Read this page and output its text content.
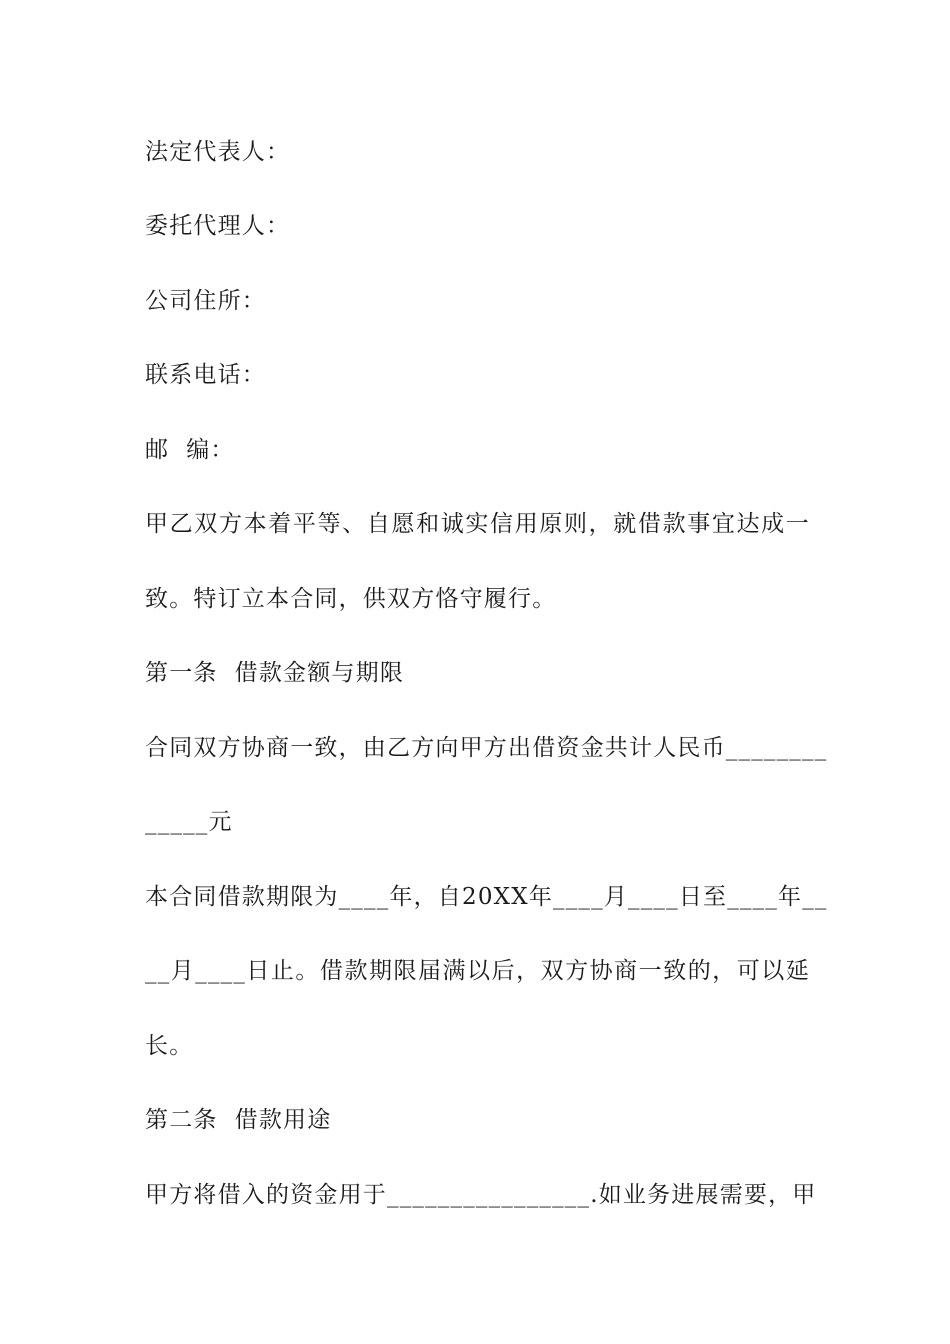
法定代表人：
委托代理人：
公司住所：
联系电话：
邮  编：
甲乙双方本着平等、自愿和诚实信用原则，就借款事宜达成一
致。特订立本合同，供双方恪守履行。
第一条  借款金额与期限
合同双方协商一致，由乙方向甲方出借资金共计人民币________
_____元
本合同借款期限为____年，自20XX年____月____日至____年__
__月____日止。借款期限届满以后，双方协商一致的，可以延
长。
第二条  借款用途
甲方将借入的资金用于________________.如业务进展需要，甲
